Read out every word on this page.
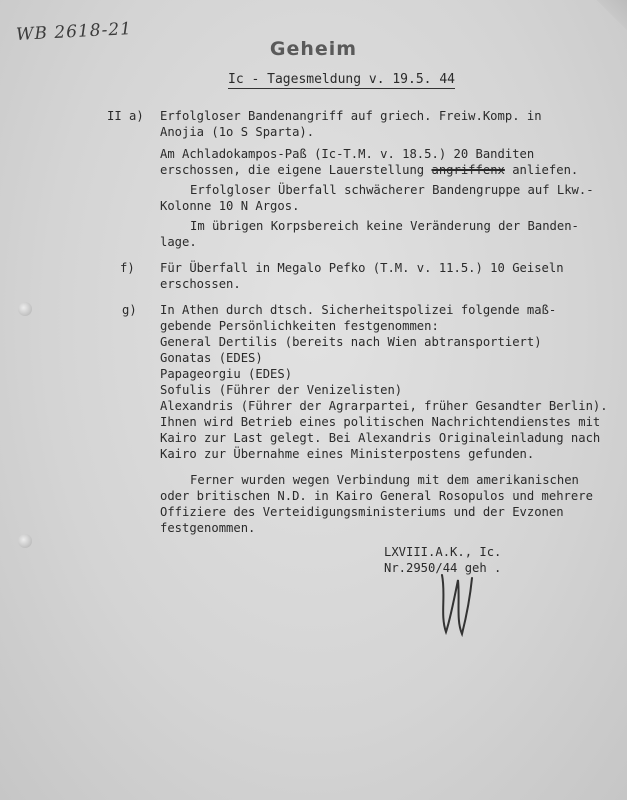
WB 2618-21
Geheim
Ic - Tagesmeldung v. 19.5. 44
II a) Erfolgloser Bandenangriff auf griech. Freiw.Komp. in
Anojia (1o S Sparta).
Am Achladokampos-Paß (Ic-T.M. v. 18.5.) 20 Banditen
erschossen, die eigene Lauerstellung angriffenx anliefen.
Erfolgloser Überfall schwächerer Bandengruppe auf Lkw.-
Kolonne 10 N Argos.
Im übrigen Korpsbereich keine Veränderung der Banden-
lage.
f) Für Überfall in Megalo Pefko (T.M. v. 11.5.) 10 Geiseln
erschossen.
g) In Athen durch dtsch. Sicherheitspolizei folgende maß-
gebende Persönlichkeiten festgenommen:
General Dertilis (bereits nach Wien abtransportiert)
Gonatas (EDES)
Papageorgiu (EDES)
Sofulis (Führer der Venizelisten)
Alexandris (Führer der Agrarpartei, früher Gesandter Berlin).
Ihnen wird Betrieb eines politischen Nachrichtendienstes mit
Kairo zur Last gelegt. Bei Alexandris Originaleinladung nach
Kairo zur Übernahme eines Ministerpostens gefunden.
Ferner wurden wegen Verbindung mit dem amerikanischen
oder britischen N.D. in Kairo General Rosopulos und mehrere
Offiziere des Verteidigungsministeriums und der Evzonen
festgenommen.
LXVIII.A.K., Ic.
Nr.2950/44 geh .
